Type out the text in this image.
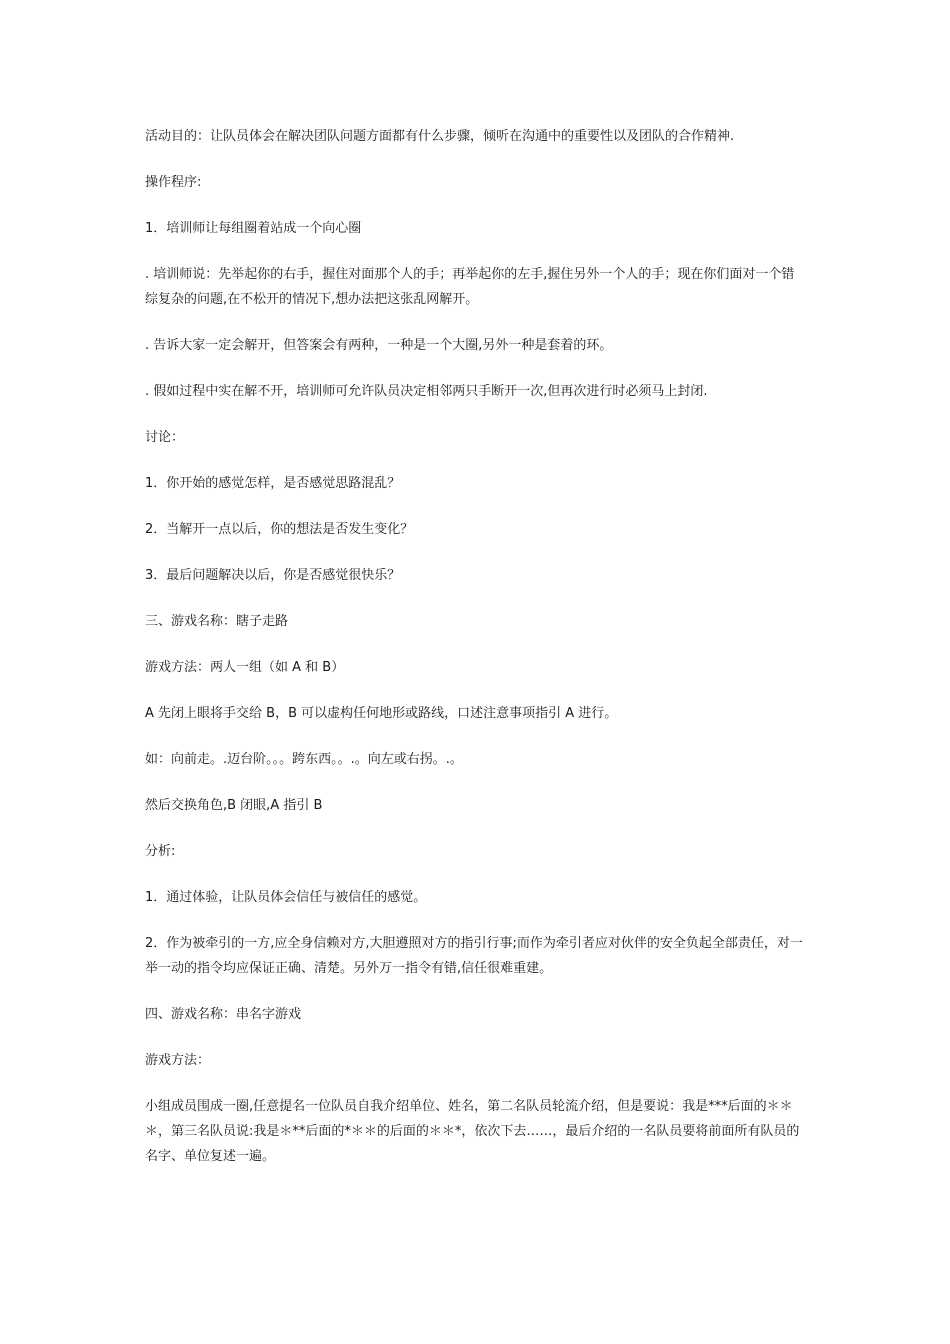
活动目的：让队员体会在解决团队问题方面都有什么步骤，倾听在沟通中的重要性以及团队的合作精神.

操作程序:

1．培训师让每组圈着站成一个向心圈

. 培训师说：先举起你的右手，握住对面那个人的手；再举起你的左手,握住另外一个人的手；现在你们面对一个错综复杂的问题,在不松开的情况下,想办法把这张乱网解开。

. 告诉大家一定会解开，但答案会有两种，一种是一个大圈,另外一种是套着的环。

. 假如过程中实在解不开，培训师可允许队员决定相邻两只手断开一次,但再次进行时必须马上封闭.

讨论：

1．你开始的感觉怎样，是否感觉思路混乱？

2．当解开一点以后，你的想法是否发生变化？

3．最后问题解决以后，你是否感觉很快乐？

三、游戏名称：瞎子走路

游戏方法：两人一组（如 A 和 B）

A 先闭上眼将手交给 B，B 可以虚构任何地形或路线，口述注意事项指引 A 进行。

如：向前走。.迈台阶。。。跨东西。。.。向左或右拐。.。

然后交换角色,B 闭眼,A 指引 B

分析:

1．通过体验，让队员体会信任与被信任的感觉。

2．作为被牵引的一方,应全身信赖对方,大胆遵照对方的指引行事;而作为牵引者应对伙伴的安全负起全部责任，对一举一动的指令均应保证正确、清楚。另外万一指令有错,信任很难重建。

四、游戏名称：串名字游戏

游戏方法：

小组成员围成一圈,任意提名一位队员自我介绍单位、姓名，第二名队员轮流介绍，但是要说：我是***后面的＊＊＊，第三名队员说:我是＊**后面的*＊＊的后面的＊＊*，依次下去……，最后介绍的一名队员要将前面所有队员的名字、单位复述一遍。
